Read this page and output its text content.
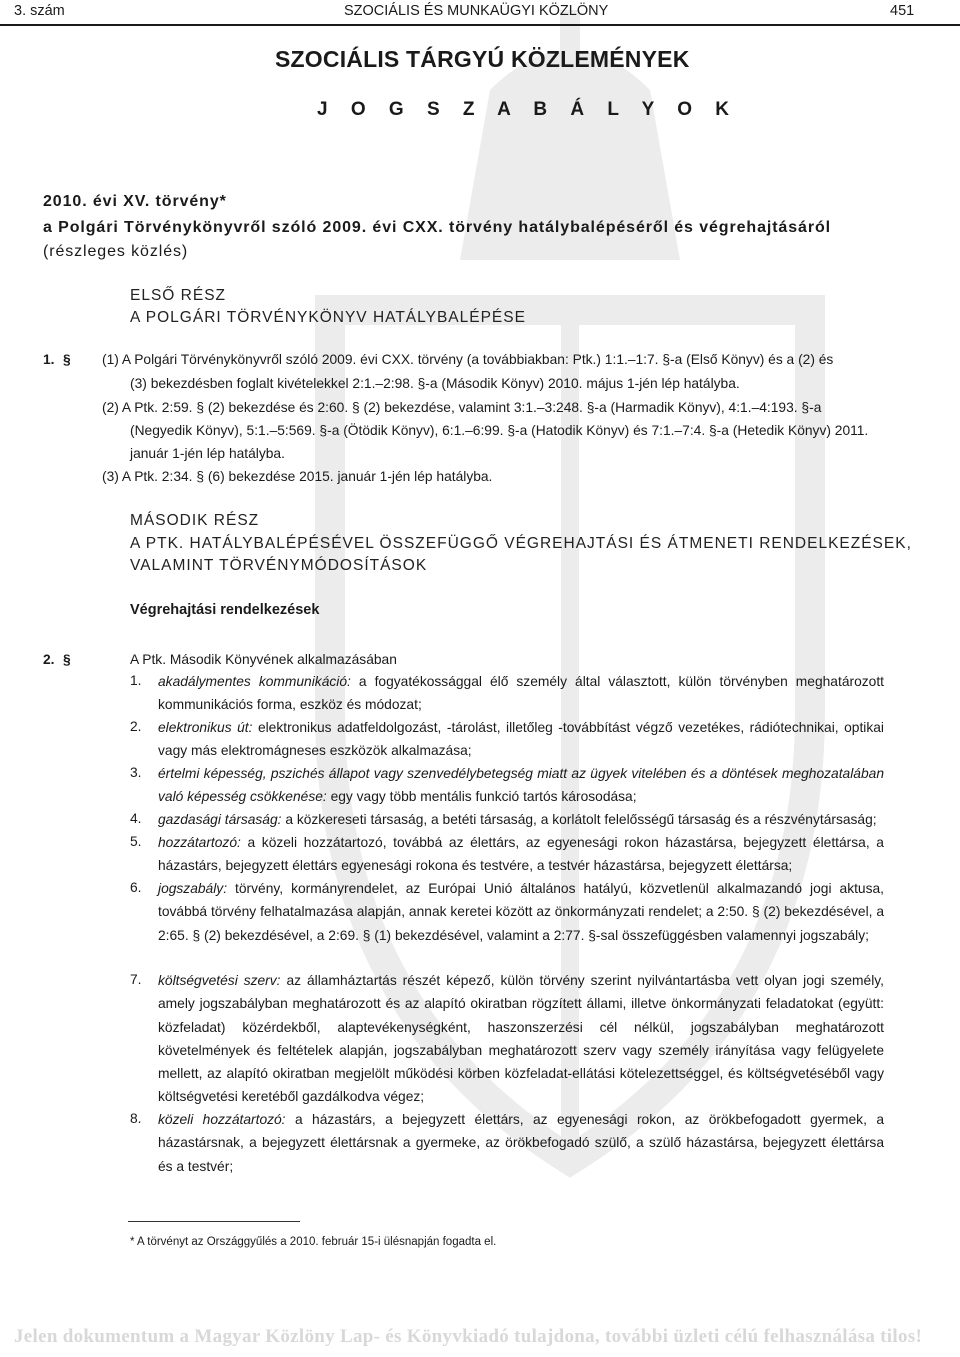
3. szám	SZOCIÁLIS ÉS MUNKAÜGYI KÖZLÖNY	451
SZOCIÁLIS TÁRGYÚ KÖZLEMÉNYEK
J O G S Z A B Á L Y O K
2010. évi XV. törvény*
a Polgári Törvénykönyvről szóló 2009. évi CXX. törvény hatálybalépéséről és végrehajtásáról
(részleges közlés)
ELSŐ RÉSZ
A POLGÁRI TÖRVÉNYKÖNYV HATÁLYBALÉPÉSE
1. § (1) A Polgári Törvénykönyvről szóló 2009. évi CXX. törvény (a továbbiakban: Ptk.) 1:1.–1:7. §-a (Első Könyv) és a (2) és
(3) bekezdésben foglalt kivételekkel 2:1.–2:98. §-a (Második Könyv) 2010. május 1-jén lép hatályba.
(2) A Ptk. 2:59. § (2) bekezdése és 2:60. § (2) bekezdése, valamint 3:1.–3:248. §-a (Harmadik Könyv), 4:1.–4:193. §-a
(Negyedik Könyv), 5:1.–5:569. §-a (Ötödik Könyv), 6:1.–6:99. §-a (Hatodik Könyv) és 7:1.–7:4. §-a (Hetedik Könyv) 2011.
január 1-jén lép hatályba.
(3) A Ptk. 2:34. § (6) bekezdése 2015. január 1-jén lép hatályba.
MÁSODIK RÉSZ
A PTK. HATÁLYBALÉPÉSÉVEL ÖSSZEFÜGGŐ VÉGREHAJTÁSI ÉS ÁTMENETI RENDELKEZÉSEK,
VALAMINT TÖRVÉNYMÓDOSÍTÁSOK
Végrehajtási rendelkezések
2. §	A Ptk. Második Könyvének alkalmazásában
1. akadálymentes kommunikáció: a fogyatékossággal élő személy által választott, külön törvényben meghatározott kommunikációs forma, eszköz és módozat;
2. elektronikus út: elektronikus adatfeldolgozást, -tárolást, illetőleg -továbbítást végző vezetékes, rádiótechnikai, optikai vagy más elektromágneses eszközök alkalmazása;
3. értelmi képesség, pszichés állapot vagy szenvedélybetegség miatt az ügyek vitelében és a döntések meghozatalában való képesség csökkenése: egy vagy több mentális funkció tartós károsodása;
4. gazdasági társaság: a közkereseti társaság, a betéti társaság, a korlátolt felelősségű társaság és a részvénytársaság;
5. hozzátartozó: a közeli hozzátartozó, továbbá az élettárs, az egyenesági rokon házastársa, bejegyzett élettársa, a házastárs, bejegyzett élettárs egyenesági rokona és testvére, a testvér házastársa, bejegyzett élettársa;
6. jogszabály: törvény, kormányrendelet, az Európai Unió általános hatályú, közvetlenül alkalmazandó jogi aktusa, továbbá törvény felhatalmazása alapján, annak keretei között az önkormányzati rendelet; a 2:50. § (2) bekezdésével, a 2:65. § (2) bekezdésével, a 2:69. § (1) bekezdésével, valamint a 2:77. §-sal összefüggésben valamennyi jogszabály;
7. költségvetési szerv: az államháztartás részét képező, külön törvény szerint nyilvántartásba vett olyan jogi személy, amely jogszabályban meghatározott és az alapító okiratban rögzített állami, illetve önkormányzati feladatokat (együtt: közfeladat) közérdekből, alaptevékenységként, haszonszerzési cél nélkül, jogszabályban meghatározott követelmények és feltételek alapján, jogszabályban meghatározott szerv vagy személy irányítása vagy felügyelete mellett, az alapító okiratban megjelölt működési körben közfeladat-ellátási kötelezettséggel, és költségvetéséből vagy költségvetési keretéből gazdálkodva végez;
8. közeli hozzátartozó: a házastárs, a bejegyzett élettárs, az egyenesági rokon, az örökbefogadott gyermek, a házastársnak, a bejegyzett élettársnak a gyermeke, az örökbefogadó szülő, a szülő házastársa, bejegyzett élettársa és a testvér;
* A törvényt az Országgyűlés a 2010. február 15-i ülésnapján fogadta el.
Jelen dokumentum a Magyar Közlöny Lap- és Könyvkiadó tulajdona, további üzleti célú felhasználása tilos!
